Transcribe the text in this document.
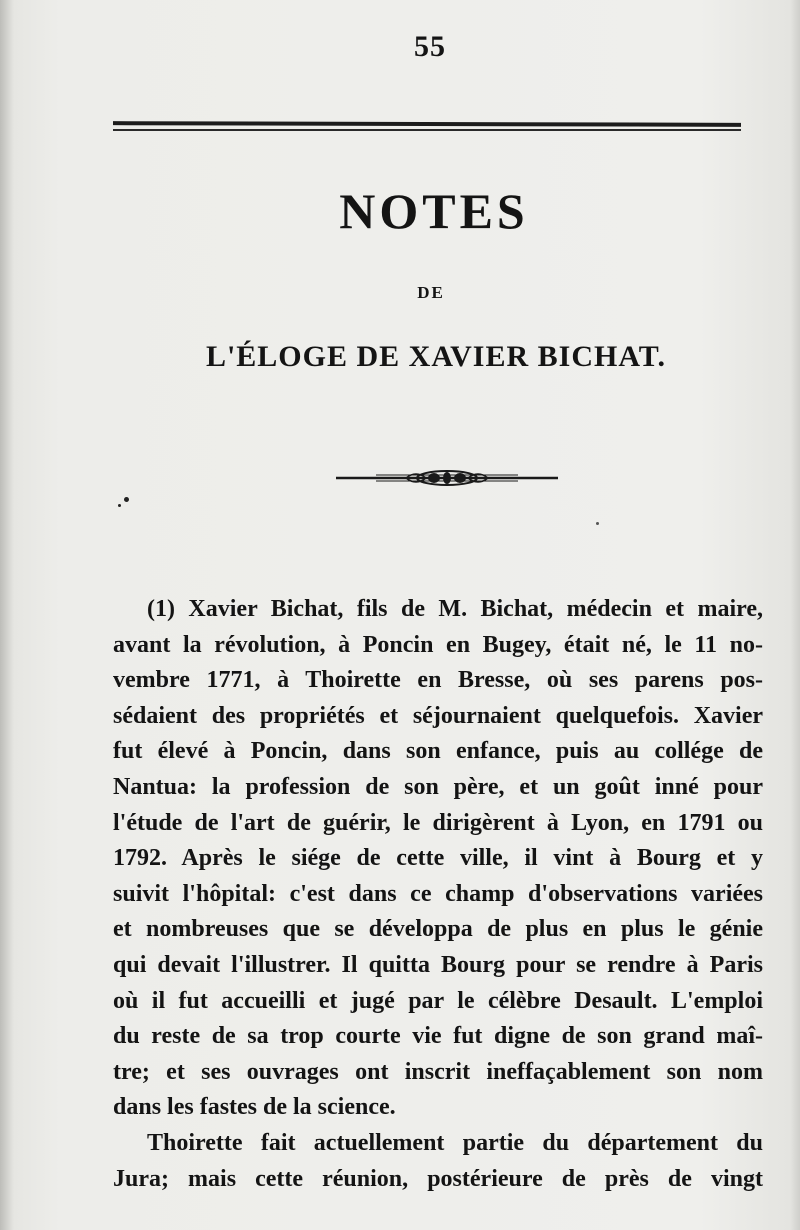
55
NOTES
DE
L'ÉLOGE DE XAVIER BICHAT.

(1) Xavier Bichat, fils de M. Bichat, médecin et maire,
avant la révolution, à Poncin en Bugey, était né, le 11 no-
vembre 1771, à Thoirette en Bresse, où ses parens pos-
sédaient des propriétés et séjournaient quelquefois. Xavier
fut élevé à Poncin, dans son enfance, puis au collége de
Nantua: la profession de son père, et un goût inné pour
l'étude de l'art de guérir, le dirigèrent à Lyon, en 1791 ou
1792. Après le siége de cette ville, il vint à Bourg et y
suivit l'hôpital: c'est dans ce champ d'observations variées
et nombreuses que se développa de plus en plus le génie
qui devait l'illustrer. Il quitta Bourg pour se rendre à Paris
où il fut accueilli et jugé par le célèbre Desault. L'emploi
du reste de sa trop courte vie fut digne de son grand maî-
tre; et ses ouvrages ont inscrit ineffaçablement son nom
dans les fastes de la science.

Thoirette fait actuellement partie du département du
Jura; mais cette réunion, postérieure de près de vingt
